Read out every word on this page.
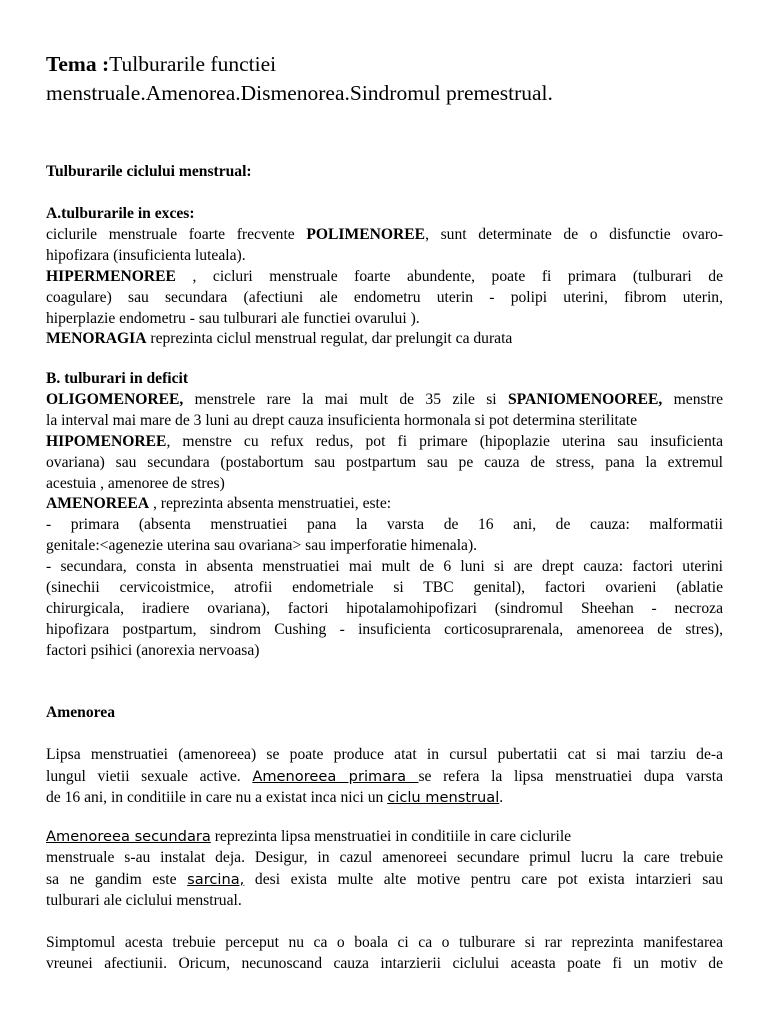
Tema :Tulburarile functiei
menstruale.Amenorea.Dismenorea.Sindromul premestrual.
Tulburarile ciclului menstrual:
A.tulburarile in exces:
ciclurile menstruale foarte frecvente POLIMENOREE, sunt determinate de o disfunctie ovaro-
hipofizara (insuficienta luteala).
HIPERMENOREE , cicluri menstruale foarte abundente, poate fi primara (tulburari de
coagulare) sau secundara (afectiuni ale endometru uterin - polipi uterini, fibrom uterin,
hiperplazie endometru - sau tulburari ale functiei ovarului ).
MENORAGIA reprezinta ciclul menstrual regulat, dar prelungit ca durata
B. tulburari in deficit
OLIGOMENOREE, menstrele rare la mai mult de 35 zile si SPANIOMENOOREE, menstre
la interval mai mare de 3 luni au drept cauza insuficienta hormonala si pot determina sterilitate
HIPOMENOREE, menstre cu refux redus, pot fi primare (hipoplazie uterina sau insuficienta
ovariana) sau secundara (postabortum sau postpartum sau pe cauza de stress, pana la extremul
acestuia , amenoree de stres)
AMENOREEA , reprezinta absenta menstruatiei, este:
- primara (absenta menstruatiei pana la varsta de 16 ani, de cauza: malformatii
genitale:<agenezie uterina sau ovariana> sau imperforatie himenala).
- secundara, consta in absenta menstruatiei mai mult de 6 luni si are drept cauza: factori uterini
(sinechii cervicoistmice, atrofii endometriale si TBC genital), factori ovarieni (ablatie
chirurgicala, iradiere ovariana), factori hipotalamohipofizari (sindromul Sheehan - necroza
hipofizara postpartum, sindrom Cushing - insuficienta corticosuprarenala, amenoreea de stres),
factori psihici (anorexia nervoasa)
Amenorea
Lipsa menstruatiei (amenoreea) se poate produce atat in cursul pubertatii cat si mai tarziu de-a
lungul vietii sexuale active. Amenoreea primara se refera la lipsa menstruatiei dupa varsta
de 16 ani, in conditiile in care nu a existat inca nici un ciclu menstrual.
Amenoreea secundara reprezinta lipsa menstruatiei in conditiile in care ciclurile
menstruale s-au instalat deja. Desigur, in cazul amenoreei secundare primul lucru la care trebuie
sa ne gandim este sarcina, desi exista multe alte motive pentru care pot exista intarzieri sau
tulburari ale ciclului menstrual.
Simptomul acesta trebuie perceput nu ca o boala ci ca o tulburare si rar reprezinta manifestarea
vreunei afectiunii. Oricum, necunoscand cauza intarzierii ciclului aceasta poate fi un motiv de
